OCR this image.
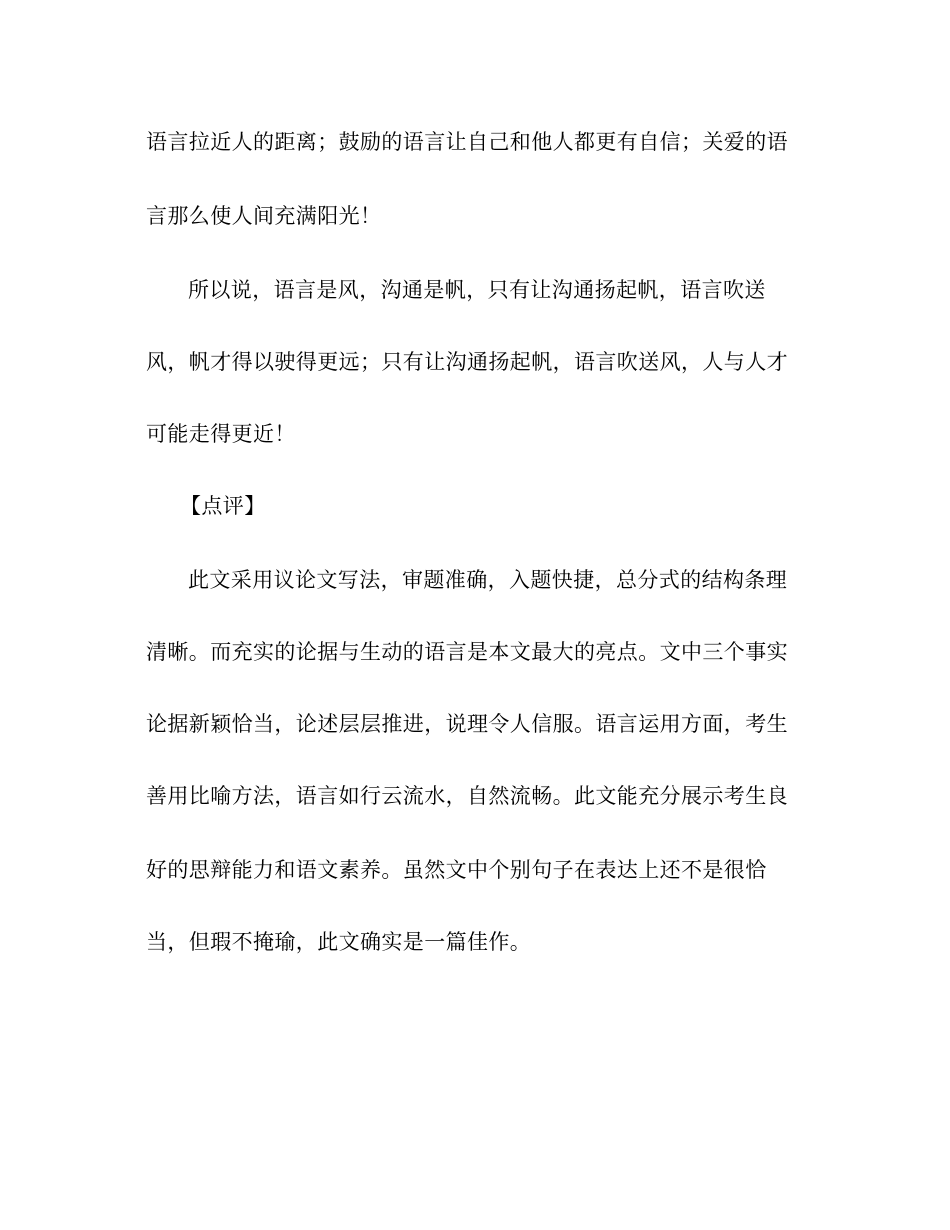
语言拉近人的距离；鼓励的语言让自己和他人都更有自信；关爱的语
言那么使人间充满阳光！
所以说，语言是风，沟通是帆，只有让沟通扬起帆，语言吹送
风，帆才得以驶得更远；只有让沟通扬起帆，语言吹送风，人与人才
可能走得更近！
【点评】
此文采用议论文写法，审题准确，入题快捷，总分式的结构条理
清晰。而充实的论据与生动的语言是本文最大的亮点。文中三个事实
论据新颖恰当，论述层层推进，说理令人信服。语言运用方面，考生
善用比喻方法，语言如行云流水，自然流畅。此文能充分展示考生良
好的思辩能力和语文素养。虽然文中个别句子在表达上还不是很恰
当，但瑕不掩瑜，此文确实是一篇佳作。
